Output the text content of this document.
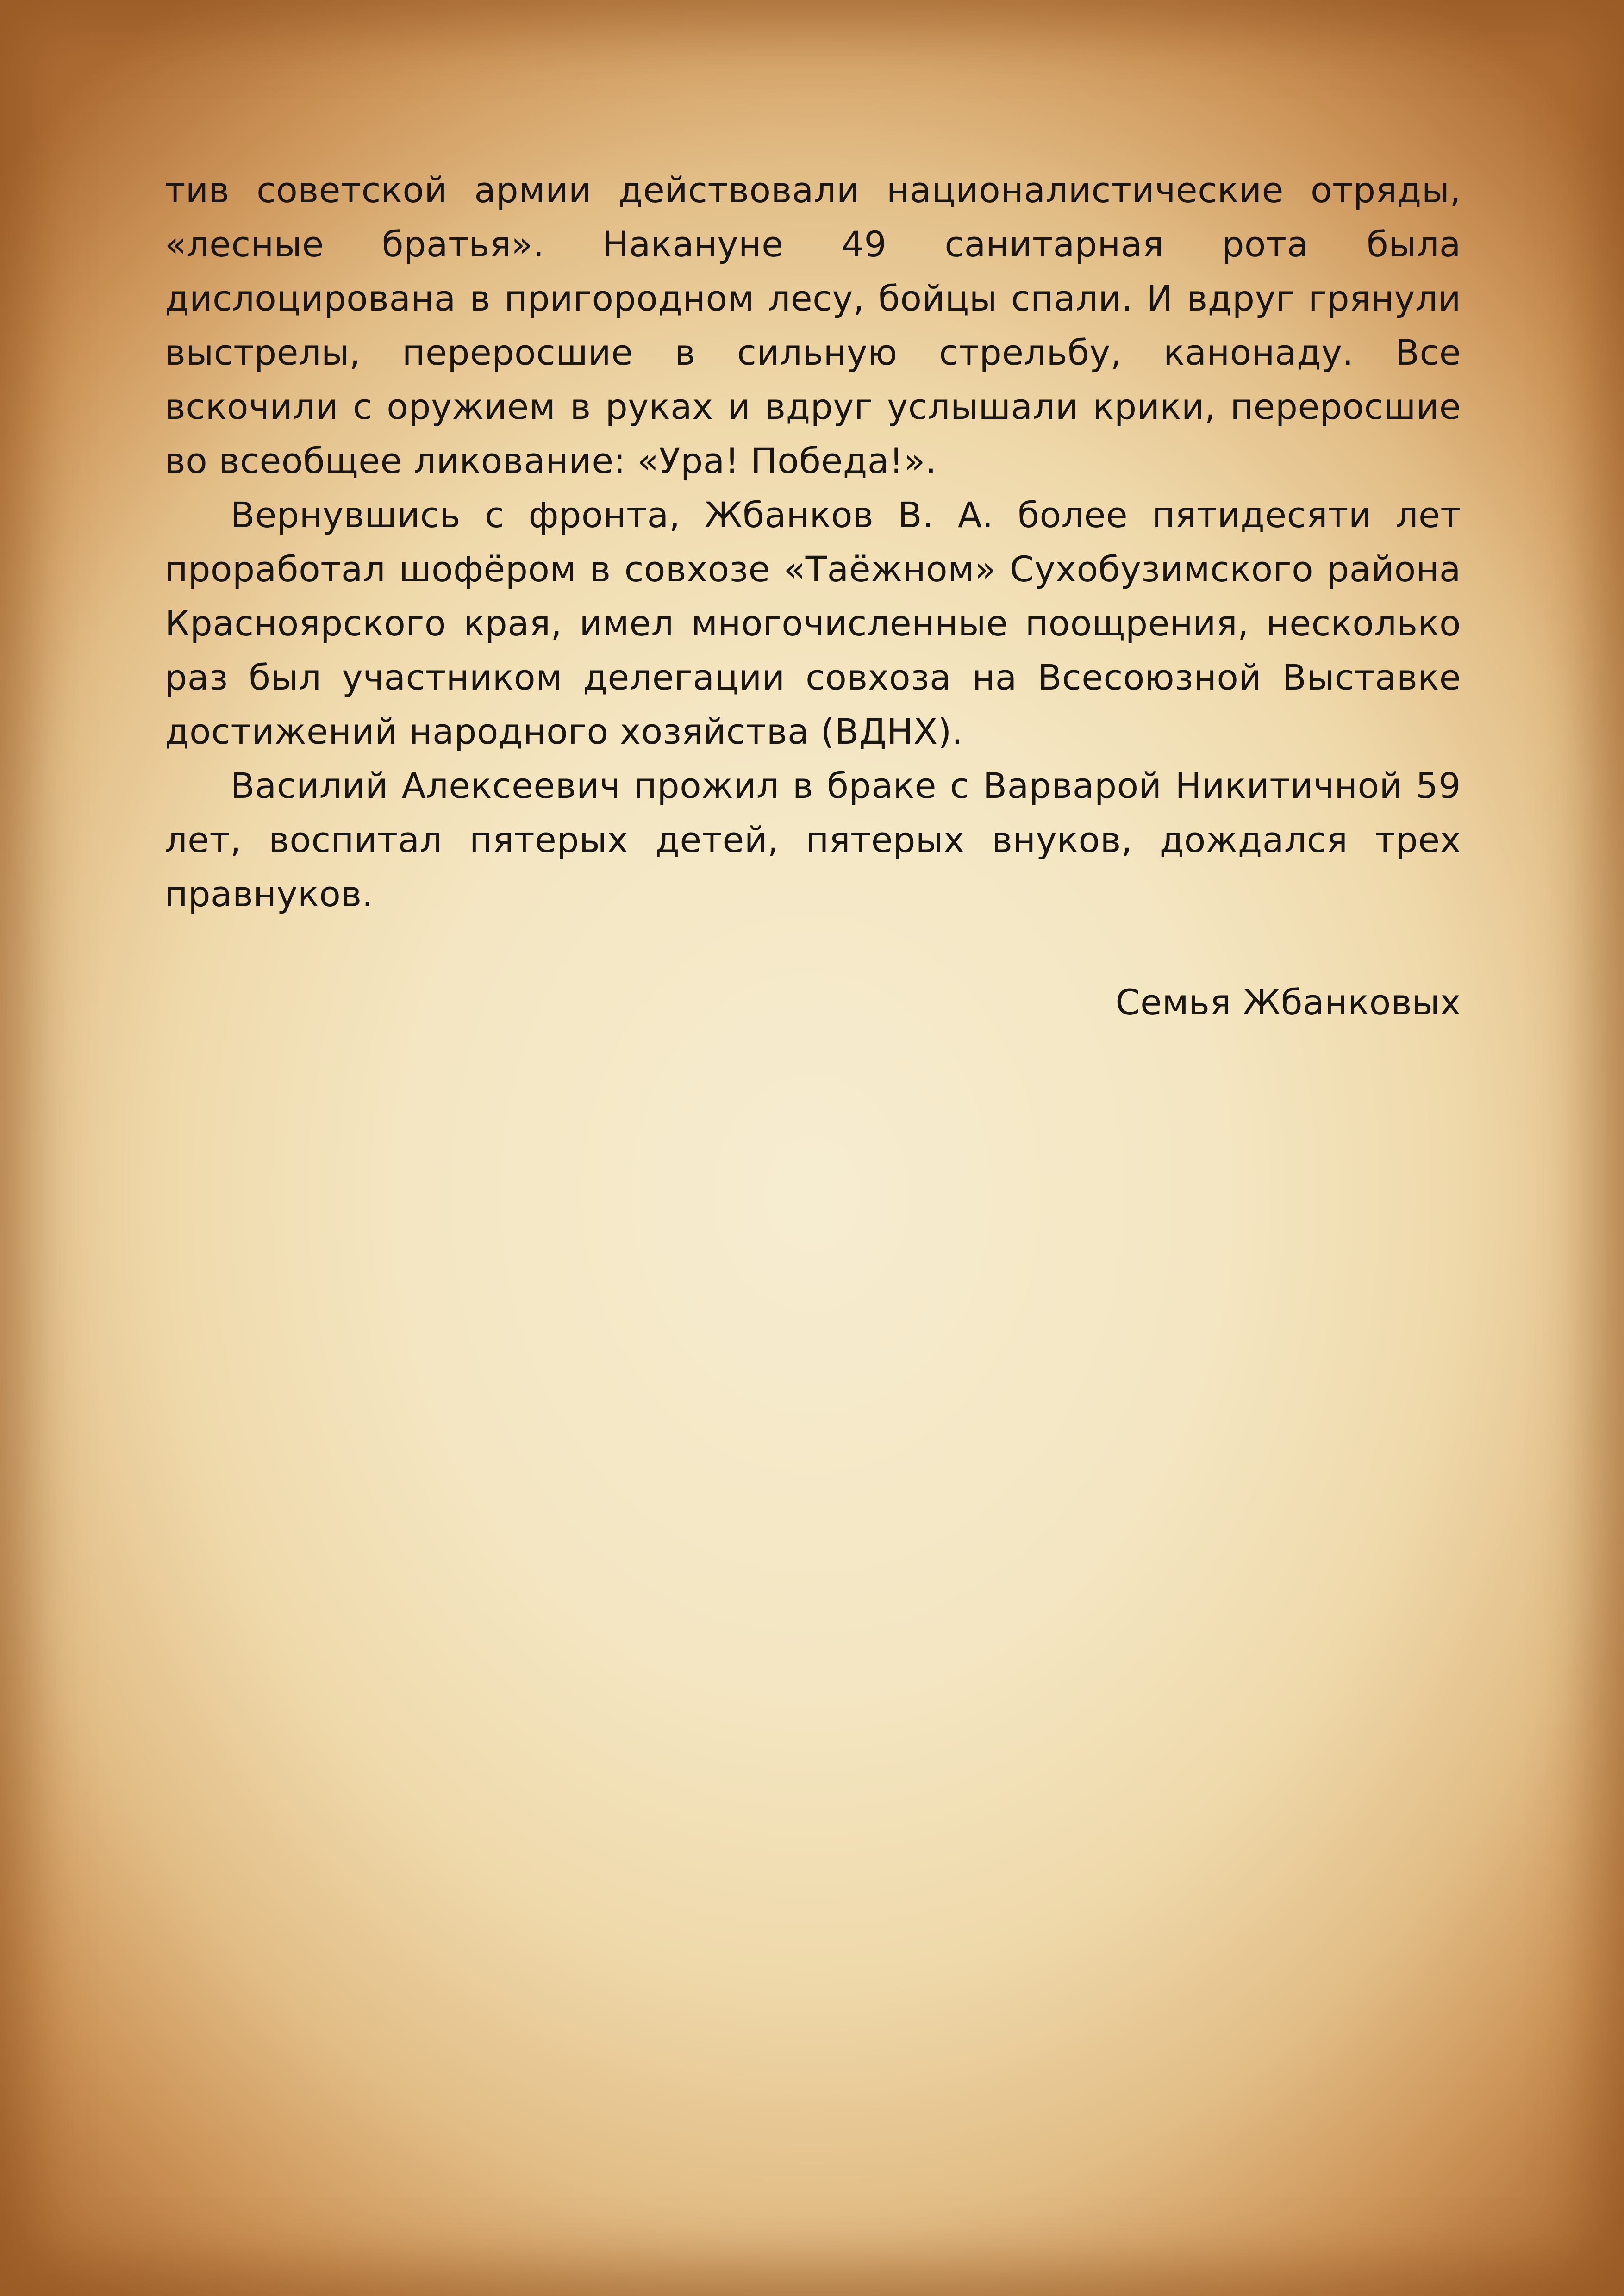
тив советской армии действовали националистические отряды, «лесные братья». Накануне 49 санитарная рота была дислоцирована в пригородном лесу, бойцы спали. И вдруг грянули выстрелы, переросшие в сильную стрельбу, канонаду. Все вскочили с оружием в руках и вдруг услышали крики, переросшие во всеобщее ликование: «Ура! Победа!».

Вернувшись с фронта, Жбанков В. А. более пятидесяти лет проработал шофёром в совхозе «Таёжном» Сухобузимского района Красноярского края, имел многочисленные поощрения, несколько раз был участником делегации совхоза на Всесоюзной Выставке достижений народного хозяйства (ВДНХ).

Василий Алексеевич прожил в браке с Варварой Никитичной 59 лет, воспитал пятерых детей, пятерых внуков, дождался трех правнуков.

Семья Жбанковых
